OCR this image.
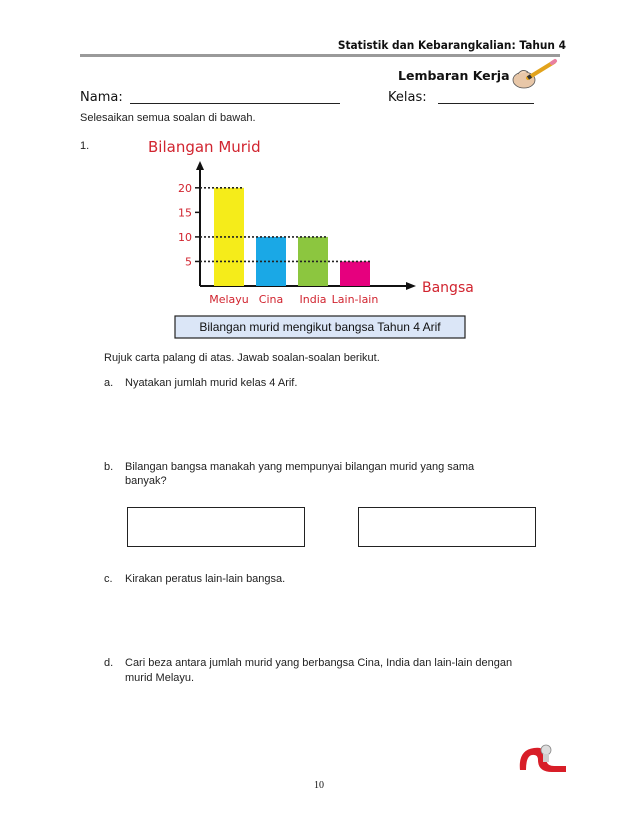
Statistik dan Kebarangkalian: Tahun 4
Lembaran Kerja
Nama:	Kelas:
Selesaikan semua soalan di bawah.
1.	Bilangan Murid
5
10
15
20
Melayu Cina India Lain-lain
Bangsa
Bilangan murid mengikut bangsa Tahun 4 Arif
Rujuk carta palang di atas. Jawab soalan-soalan berikut.
a. Nyatakan jumlah murid kelas 4 Arif.
b. Bilangan bangsa manakah yang mempunyai bilangan murid yang sama
banyak?
c. Kirakan peratus lain-lain bangsa.
d. Cari beza antara jumlah murid yang berbangsa Cina, India dan lain-lain dengan
murid Melayu.
10
